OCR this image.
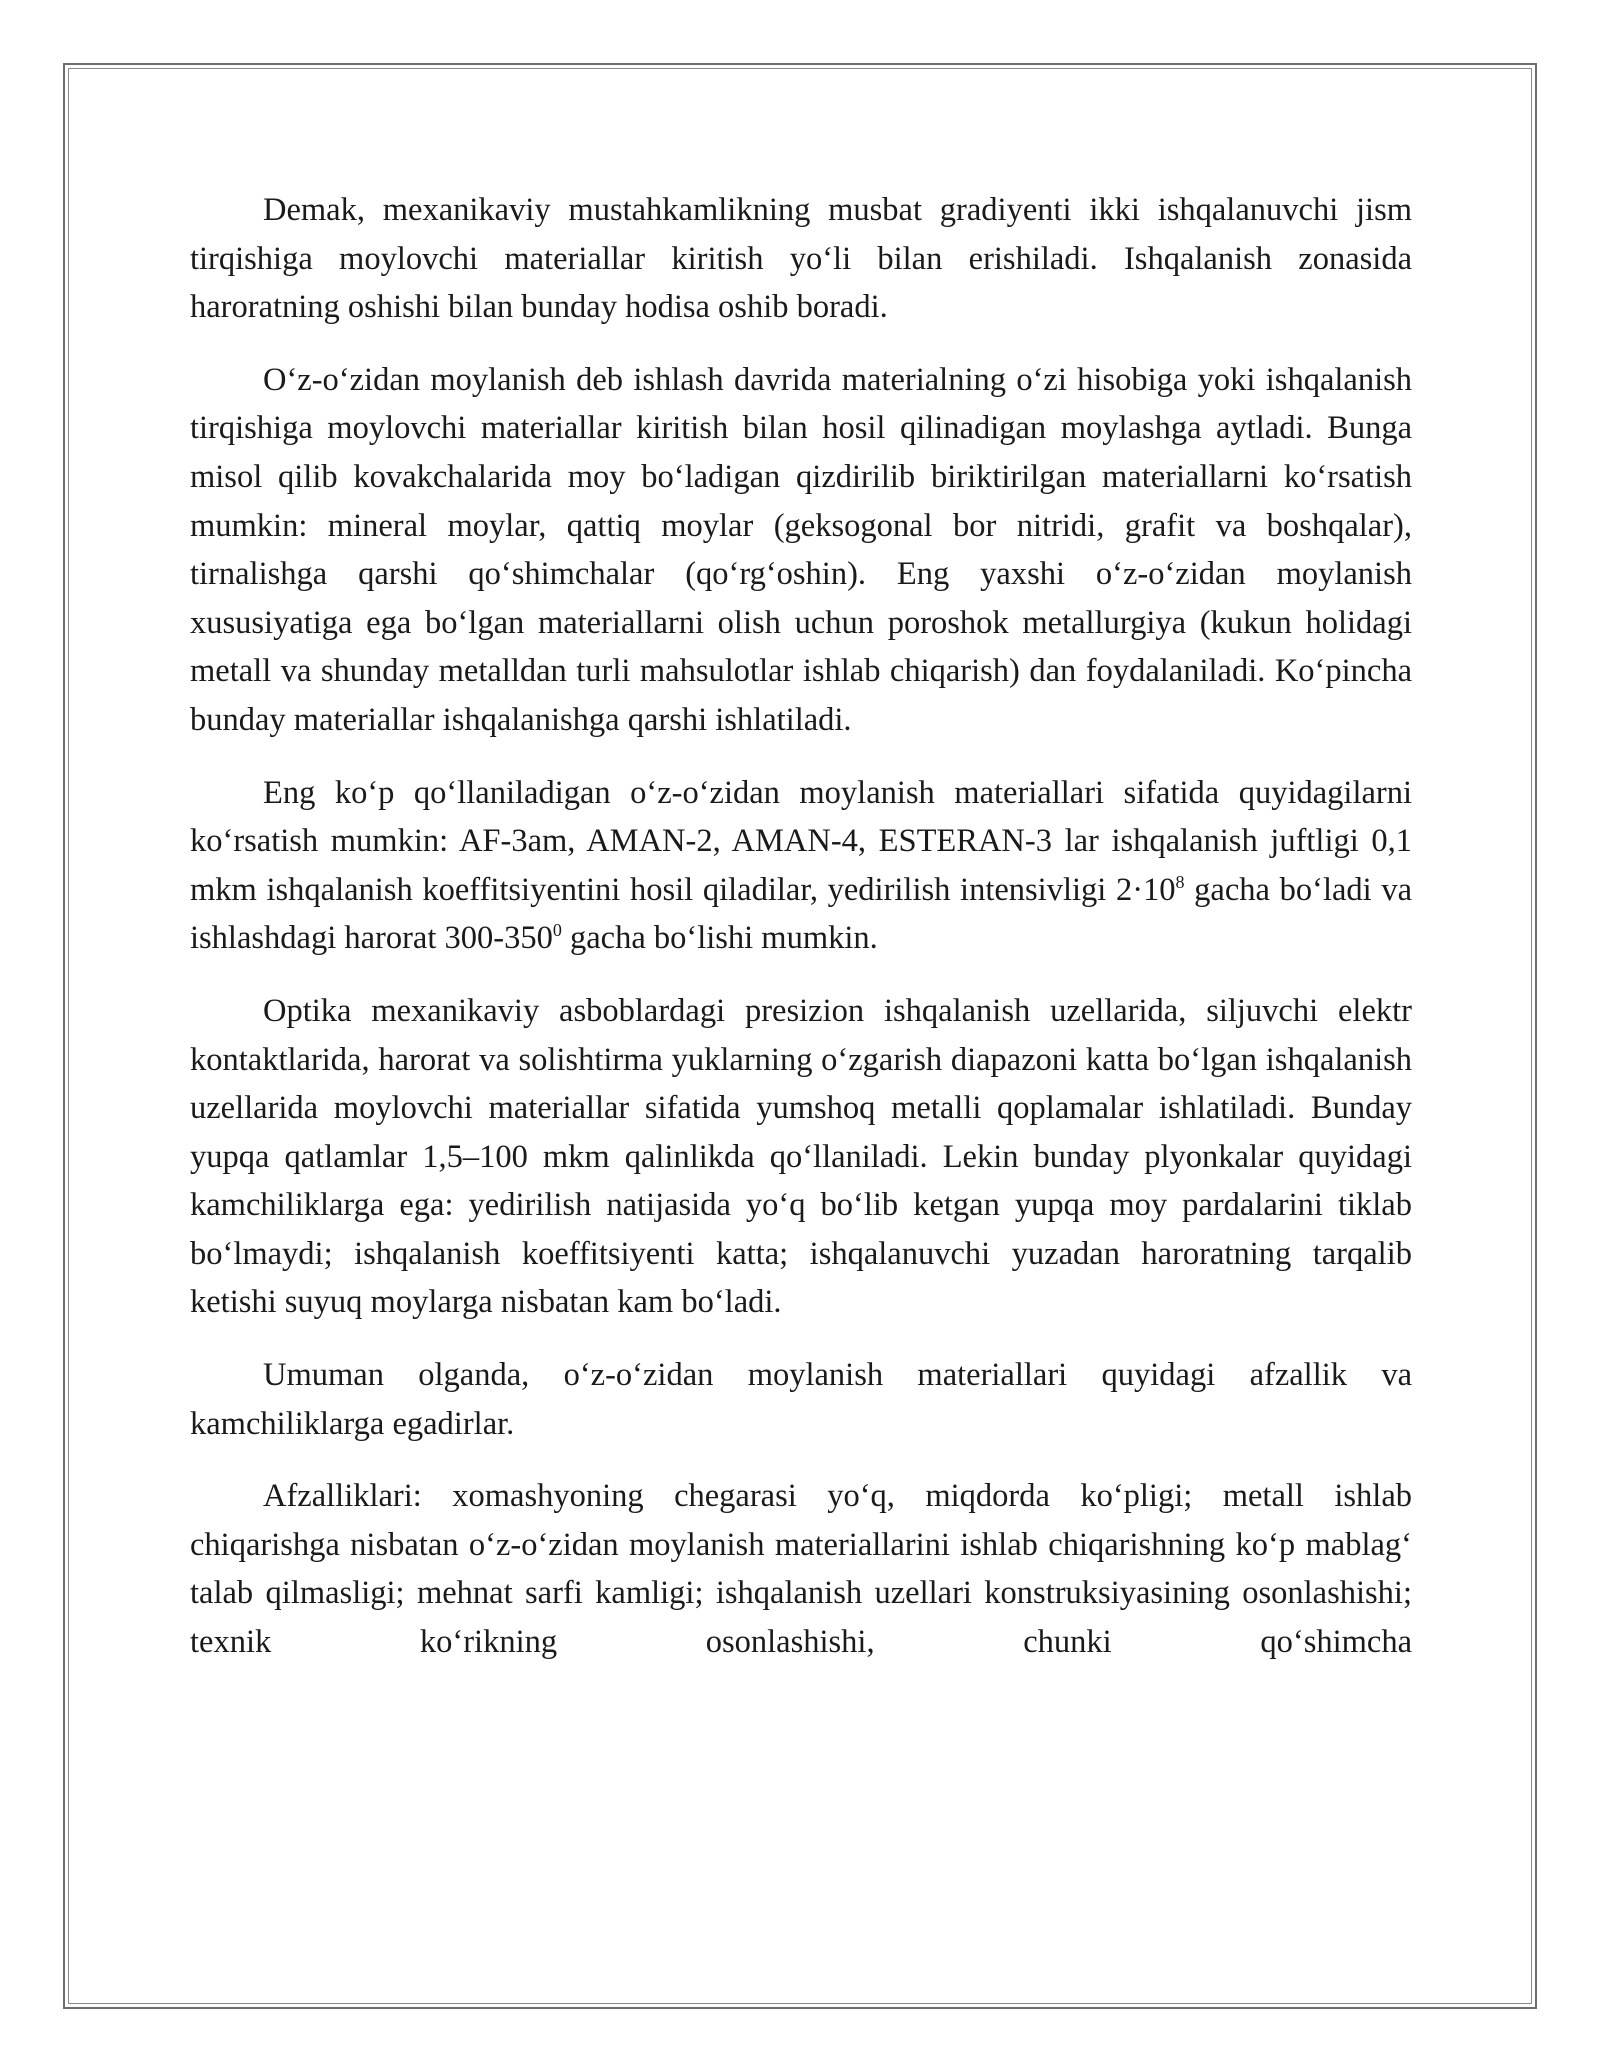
Demak, mexanikaviy mustahkamlikning musbat gradiyenti ikki ishqalanuvchi jism tirqishiga moylovchi materiallar kiritish yo‘li bilan erishiladi. Ishqalanish zonasida haroratning oshishi bilan bunday hodisa oshib boradi.

O‘z-o‘zidan moylanish deb ishlash davrida materialning o‘zi hisobiga yoki ishqalanish tirqishiga moylovchi materiallar kiritish bilan hosil qilinadigan moylashga aytladi. Bunga misol qilib kovakchalarida moy bo‘ladigan qizdirilib biriktirilgan materiallarni ko‘rsatish mumkin: mineral moylar, qattiq moylar (geksogonal bor nitridi, grafit va boshqalar), tirnalishga qarshi qo‘shimchalar (qo‘rg‘oshin). Eng yaxshi o‘z-o‘zidan moylanish xususiyatiga ega bo‘lgan materiallarni olish uchun poroshok metallurgiya (kukun holidagi metall va shunday metalldan turli mahsulotlar ishlab chiqarish) dan foydalaniladi. Ko‘pincha bunday materiallar ishqalanishga qarshi ishlatiladi.

Eng ko‘p qo‘llaniladigan o‘z-o‘zidan moylanish materiallari sifatida quyidagilarni ko‘rsatish mumkin: AF-3am, AMAN-2, AMAN-4, ESTERAN-3 lar ishqalanish juftligi 0,1 mkm ishqalanish koeffitsiyentini hosil qiladilar, yedirilish intensivligi $2\cdot 10^8$ gacha bo‘ladi va ishlashdagi harorat $300-350^0$ gacha bo‘lishi mumkin.

Optika mexanikaviy asboblardagi presizion ishqalanish uzellarida, siljuvchi elektr kontaktlarida, harorat va solishtirma yuklarning o‘zgarish diapazoni katta bo‘lgan ishqalanish uzellarida moylovchi materiallar sifatida yumshoq metalli qoplamalar ishlatiladi. Bunday yupqa qatlamlar 1,5–100 mkm qalinlikda qo‘llaniladi. Lekin bunday plyonkalar quyidagi kamchiliklarga ega: yedirilish natijasida yo‘q bo‘lib ketgan yupqa moy pardalarini tiklab bo‘lmaydi; ishqalanish koeffitsiyenti katta; ishqalanuvchi yuzadan haroratning tarqalib ketishi suyuq moylarga nisbatan kam bo‘ladi.

Umuman olganda, o‘z-o‘zidan moylanish materiallari quyidagi afzallik va kamchiliklarga egadirlar.

Afzalliklari: xomashyoning chegarasi yo‘q, miqdorda ko‘pligi; metall ishlab chiqarishga nisbatan o‘z-o‘zidan moylanish materiallarini ishlab chiqarishning ko‘p mablag‘ talab qilmasligi; mehnat sarfi kamligi; ishqalanish uzellari konstruksiyasining osonlashishi; texnik ko‘rikning osonlashishi, chunki qo‘shimcha
